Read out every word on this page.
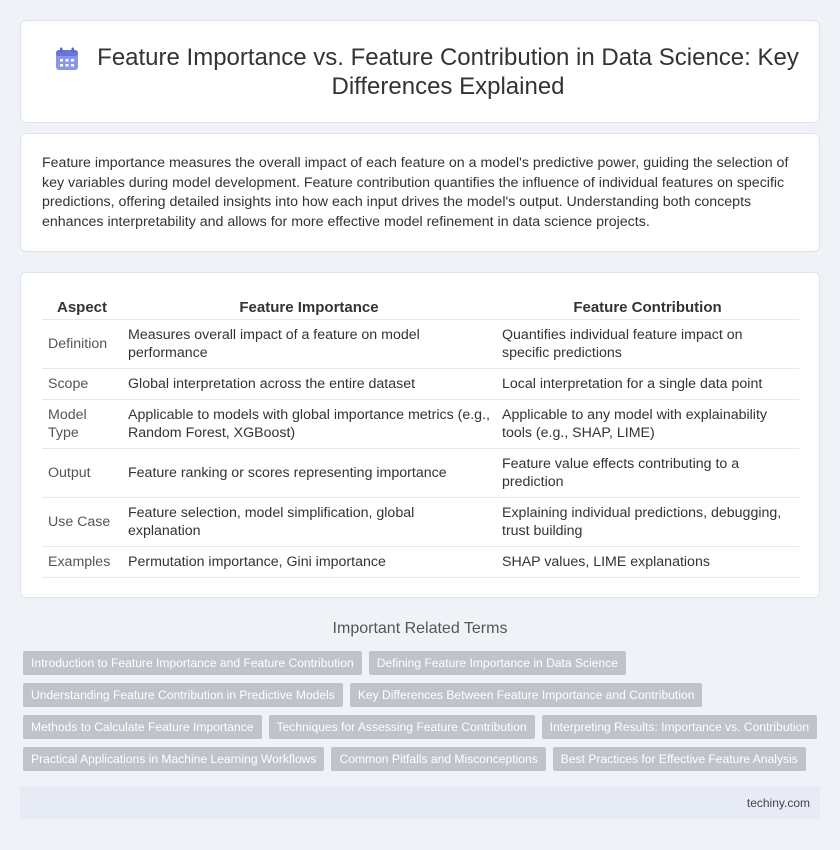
Feature Importance vs. Feature Contribution in Data Science: Key Differences Explained

Feature importance measures the overall impact of each feature on a model's predictive power, guiding the selection of key variables during model development. Feature contribution quantifies the influence of individual features on specific predictions, offering detailed insights into how each input drives the model's output. Understanding both concepts enhances interpretability and allows for more effective model refinement in data science projects.

Aspect	Feature Importance	Feature Contribution
Definition	Measures overall impact of a feature on model performance	Quantifies individual feature impact on specific predictions
Scope	Global interpretation across the entire dataset	Local interpretation for a single data point
Model Type	Applicable to models with global importance metrics (e.g., Random Forest, XGBoost)	Applicable to any model with explainability tools (e.g., SHAP, LIME)
Output	Feature ranking or scores representing importance	Feature value effects contributing to a prediction
Use Case	Feature selection, model simplification, global explanation	Explaining individual predictions, debugging, trust building
Examples	Permutation importance, Gini importance	SHAP values, LIME explanations
Important Related Terms
Introduction to Feature Importance and Feature Contribution	Defining Feature Importance in Data Science
Understanding Feature Contribution in Predictive Models	Key Differences Between Feature Importance and Contribution
Methods to Calculate Feature Importance	Techniques for Assessing Feature Contribution	Interpreting Results: Importance vs. Contribution
Practical Applications in Machine Learning Workflows	Common Pitfalls and Misconceptions	Best Practices for Effective Feature Analysis
techiny.com
